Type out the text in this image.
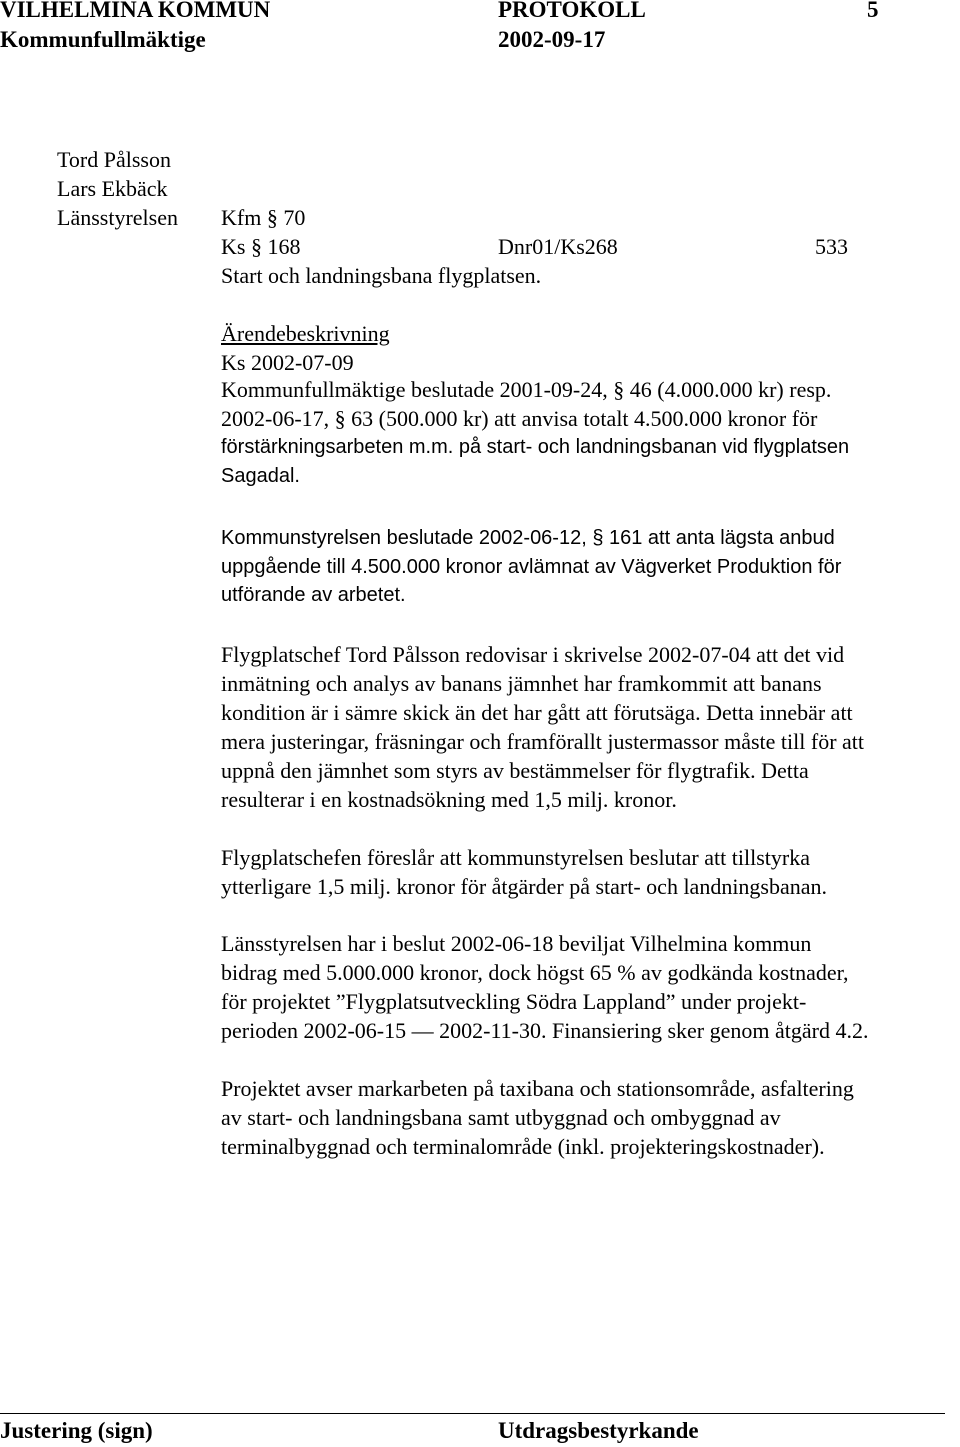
VILHELMINA KOMMUN	PROTOKOLL	5
Kommunfullmäktige	2002-09-17
Tord Pålsson
Lars Ekbäck
Länsstyrelsen Kfm § 70
Ks § 168	Dnr01/Ks268	533
Start och landningsbana flygplatsen.
Ärendebeskrivning
Ks 2002-07-09
Kommunfullmäktige beslutade 2001-09-24, § 46 (4.000.000 kr) resp.
2002-06-17, § 63 (500.000 kr) att anvisa totalt 4.500.000 kronor för
förstärkningsarbeten m.m. på start- och landningsbanan vid flygplatsen
Sagadal.
Kommunstyrelsen beslutade 2002-06-12, § 161 att anta lägsta anbud
uppgående till 4.500.000 kronor avlämnat av Vägverket Produktion för
utförande av arbetet.
Flygplatschef Tord Pålsson redovisar i skrivelse 2002-07-04 att det vid
inmätning och analys av banans jämnhet har framkommit att banans
kondition är i sämre skick än det har gått att förutsäga. Detta innebär att
mera justeringar, fräsningar och framförallt justermassor måste till för att
uppnå den jämnhet som styrs av bestämmelser för flygtrafik. Detta
resulterar i en kostnadsökning med 1,5 milj. kronor.
Flygplatschefen föreslår att kommunstyrelsen beslutar att tillstyrka
ytterligare 1,5 milj. kronor för åtgärder på start- och landningsbanan.
Länsstyrelsen har i beslut 2002-06-18 beviljat Vilhelmina kommun
bidrag med 5.000.000 kronor, dock högst 65 % av godkända kostnader,
för projektet ”Flygplatsutveckling Södra Lappland” under projekt-
perioden 2002-06-15 — 2002-11-30. Finansiering sker genom åtgärd 4.2.
Projektet avser markarbeten på taxibana och stationsområde, asfaltering
av start- och landningsbana samt utbyggnad och ombyggnad av
terminalbyggnad och terminalområde (inkl. projekteringskostnader).
Justering (sign)	Utdragsbestyrkande
